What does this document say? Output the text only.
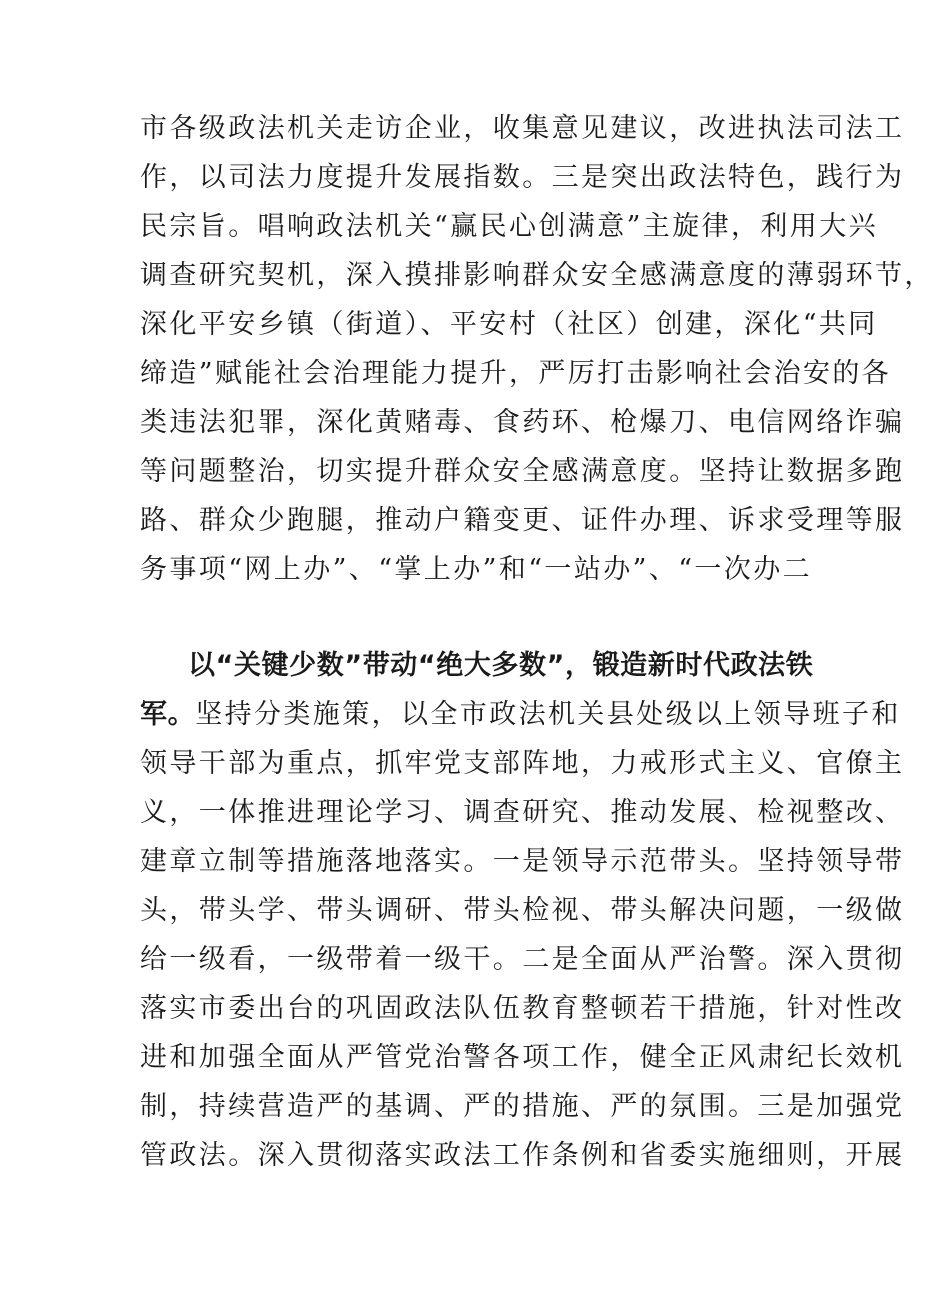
市各级政法机关走访企业，收集意见建议，改进执法司法工
作，以司法力度提升发展指数。三是突出政法特色，践行为
民宗旨。唱响政法机关“赢民心创满意”主旋律，利用大兴
调查研究契机，深入摸排影响群众安全感满意度的薄弱环节，
深化平安乡镇（街道）、平安村（社区）创建，深化“共同
缔造”赋能社会治理能力提升，严厉打击影响社会治安的各
类违法犯罪，深化黄赌毒、食药环、枪爆刀、电信网络诈骗
等问题整治，切实提升群众安全感满意度。坚持让数据多跑
路、群众少跑腿，推动户籍变更、证件办理、诉求受理等服
务事项“网上办”、“掌上办”和“一站办”、“一次办二
以“关键少数”带动“绝大多数”，锻造新时代政法铁
军。坚持分类施策，以全市政法机关县处级以上领导班子和
领导干部为重点，抓牢党支部阵地，力戒形式主义、官僚主
义，一体推进理论学习、调查研究、推动发展、检视整改、
建章立制等措施落地落实。一是领导示范带头。坚持领导带
头，带头学、带头调研、带头检视、带头解决问题，一级做
给一级看，一级带着一级干。二是全面从严治警。深入贯彻
落实市委出台的巩固政法队伍教育整顿若干措施，针对性改
进和加强全面从严管党治警各项工作，健全正风肃纪长效机
制，持续营造严的基调、严的措施、严的氛围。三是加强党
管政法。深入贯彻落实政法工作条例和省委实施细则，开展
